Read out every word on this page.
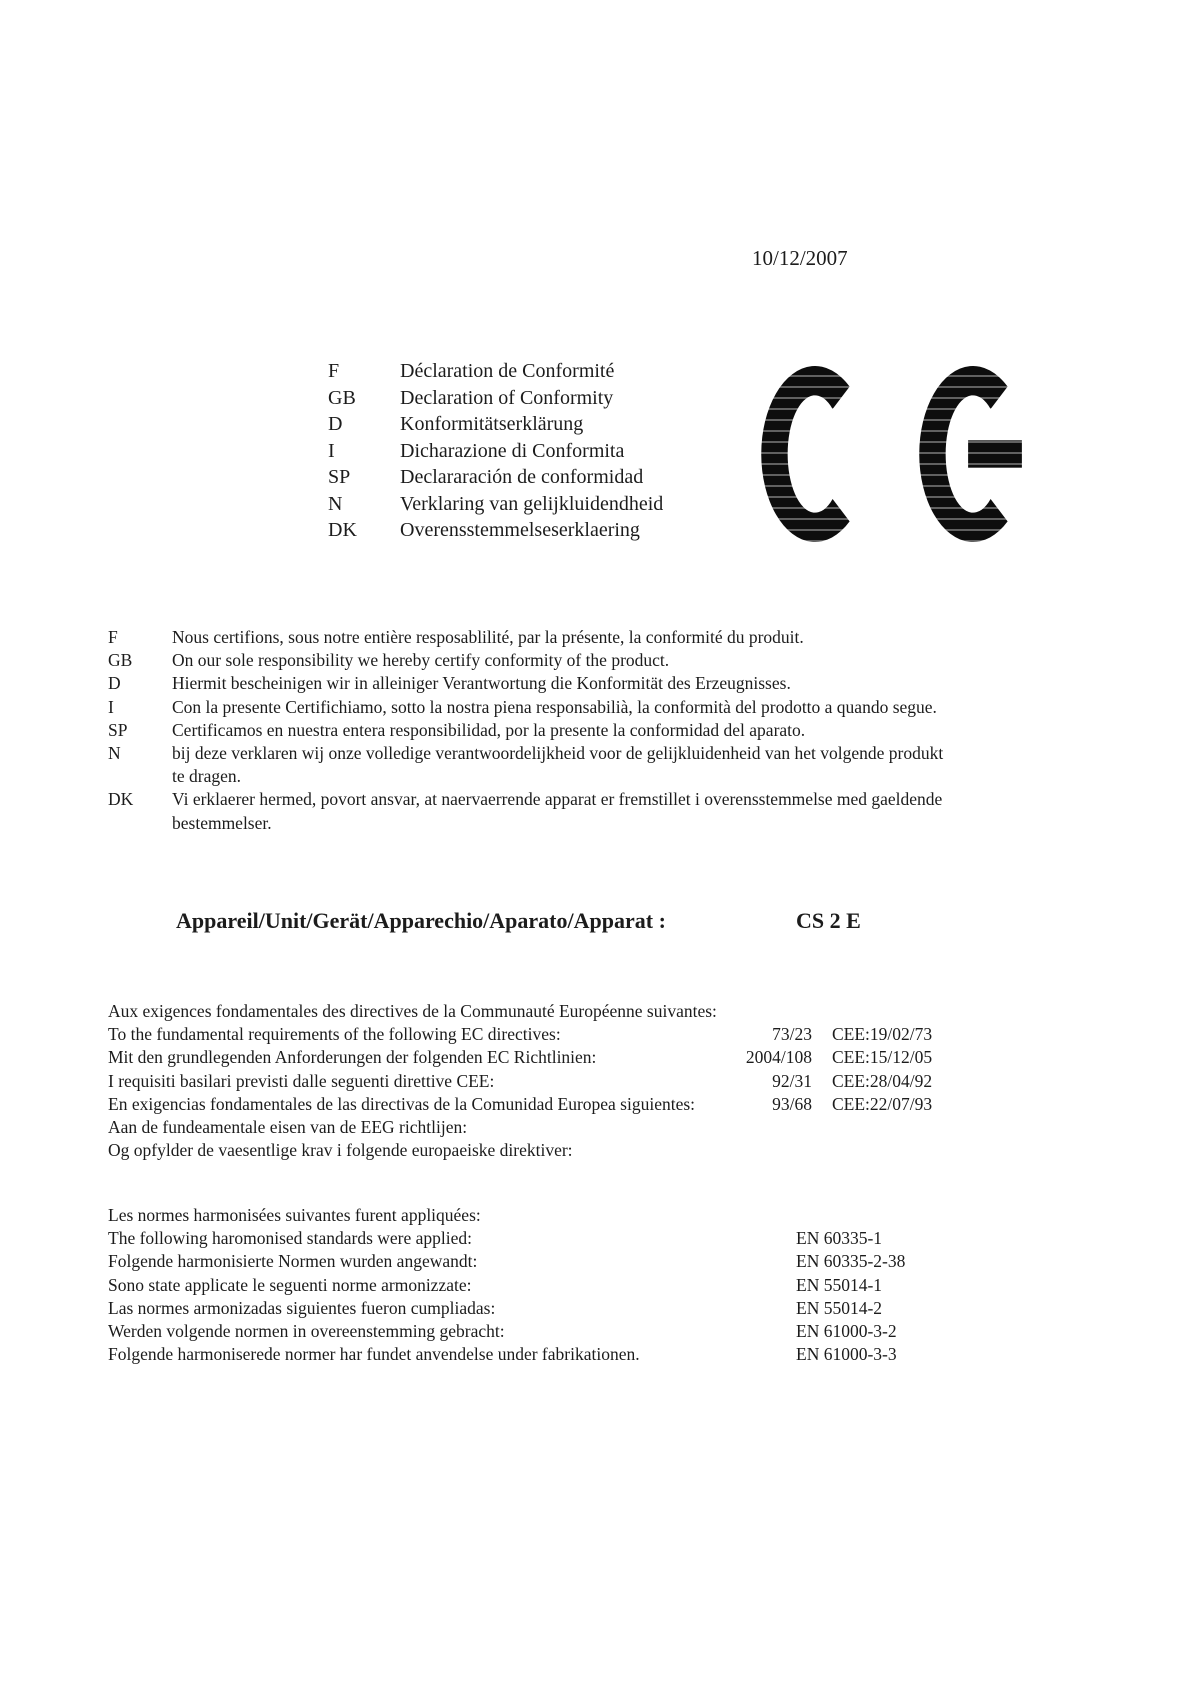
10/12/2007
F	Déclaration de Conformité
GB	Declaration of Conformity
D	Konformitätserklärung
I	Dicharazione di Conformita
SP	Declararación de conformidad
N	Verklaring van gelijkluidendheid
DK	Overensstemmelseserklaering
F	Nous certifions, sous notre entière resposablilité, par la présente, la conformité du produit.
GB	On our sole responsibility we hereby certify conformity of the product.
D	Hiermit bescheinigen wir in alleiniger Verantwortung die Konformität des Erzeugnisses.
I	Con la presente Certifichiamo, sotto la nostra piena responsabilià, la conformità del prodotto a quando segue.
SP	Certificamos en nuestra entera responsibilidad, por la presente la conformidad del aparato.
N	bij deze verklaren wij onze volledige verantwoordelijkheid voor de gelijkluidenheid van het volgende produkt
te dragen.
DK	Vi erklaerer hermed, povort ansvar, at naervaerrende apparat er fremstillet i overensstemmelse med gaeldende
bestemmelser.
Appareil/Unit/Gerät/Apparechio/Aparato/Apparat :	CS 2 E
Aux exigences fondamentales des directives de la Communauté Européenne suivantes:
To the fundamental requirements of the following EC directives:	73/23 CEE:19/02/73
Mit den grundlegenden Anforderungen der folgenden EC Richtlinien:	2004/108 CEE:15/12/05
I requisiti basilari previsti dalle seguenti direttive CEE:	92/31 CEE:28/04/92
En exigencias fondamentales de las directivas de la Comunidad Europea siguientes:	93/68 CEE:22/07/93
Aan de fundeamentale eisen van de EEG richtlijen:
Og opfylder de vaesentlige krav i folgende europaeiske direktiver:
Les normes harmonisées suivantes furent appliquées:
The following haromonised standards were applied:	EN 60335-1
Folgende harmonisierte Normen wurden angewandt:	EN 60335-2-38
Sono state applicate le seguenti norme armonizzate:	EN 55014-1
Las normes armonizadas siguientes fueron cumpliadas:	EN 55014-2
Werden volgende normen in overeenstemming gebracht:	EN 61000-3-2
Folgende harmoniserede normer har fundet anvendelse under fabrikationen.	EN 61000-3-3
